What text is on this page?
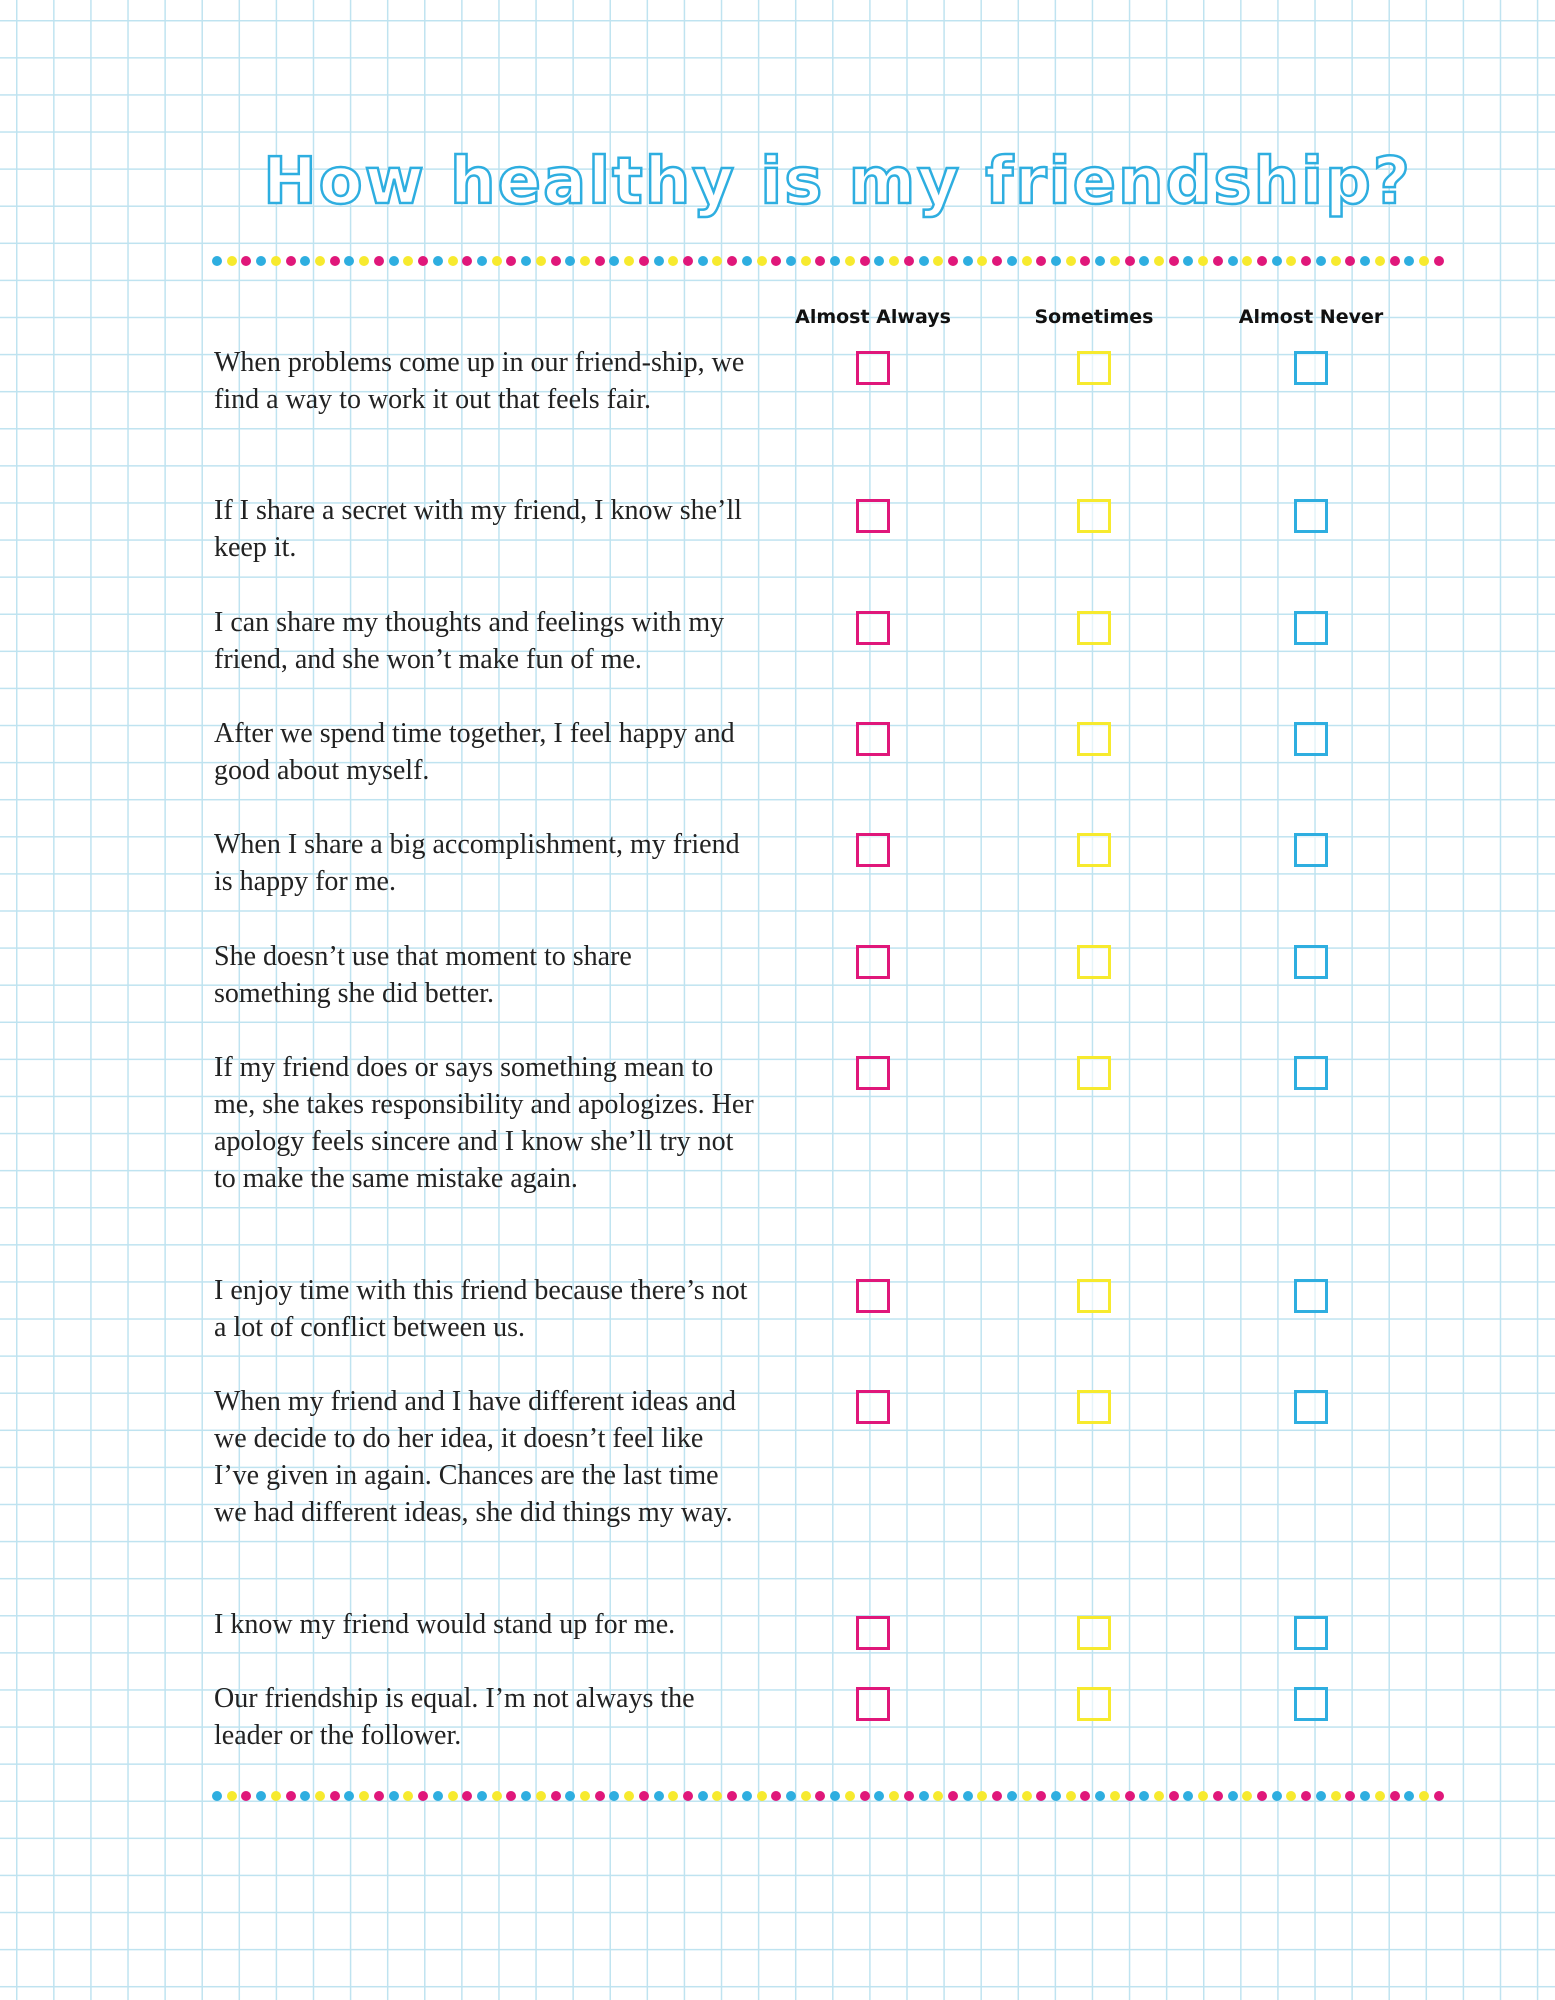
How healthy is my friendship?
Almost Always	Sometimes	Almost Never
When problems come up in our friend-ship, we find a way to work it out that feels fair.
If I share a secret with my friend, I know she’ll keep it.
I can share my thoughts and feelings with my friend, and she won’t make fun of me.
After we spend time together, I feel happy and good about myself.
When I share a big accomplishment, my friend is happy for me.
She doesn’t use that moment to share something she did better.
If my friend does or says something mean to me, she takes responsibility and apologizes. Her apology feels sincere and I know she’ll try not to make the same mistake again.
I enjoy time with this friend because there’s not a lot of conflict between us.
When my friend and I have different ideas and we decide to do her idea, it doesn’t feel like I’ve given in again. Chances are the last time we had different ideas, she did things my way.
I know my friend would stand up for me.
Our friendship is equal. I’m not always the leader or the follower.
